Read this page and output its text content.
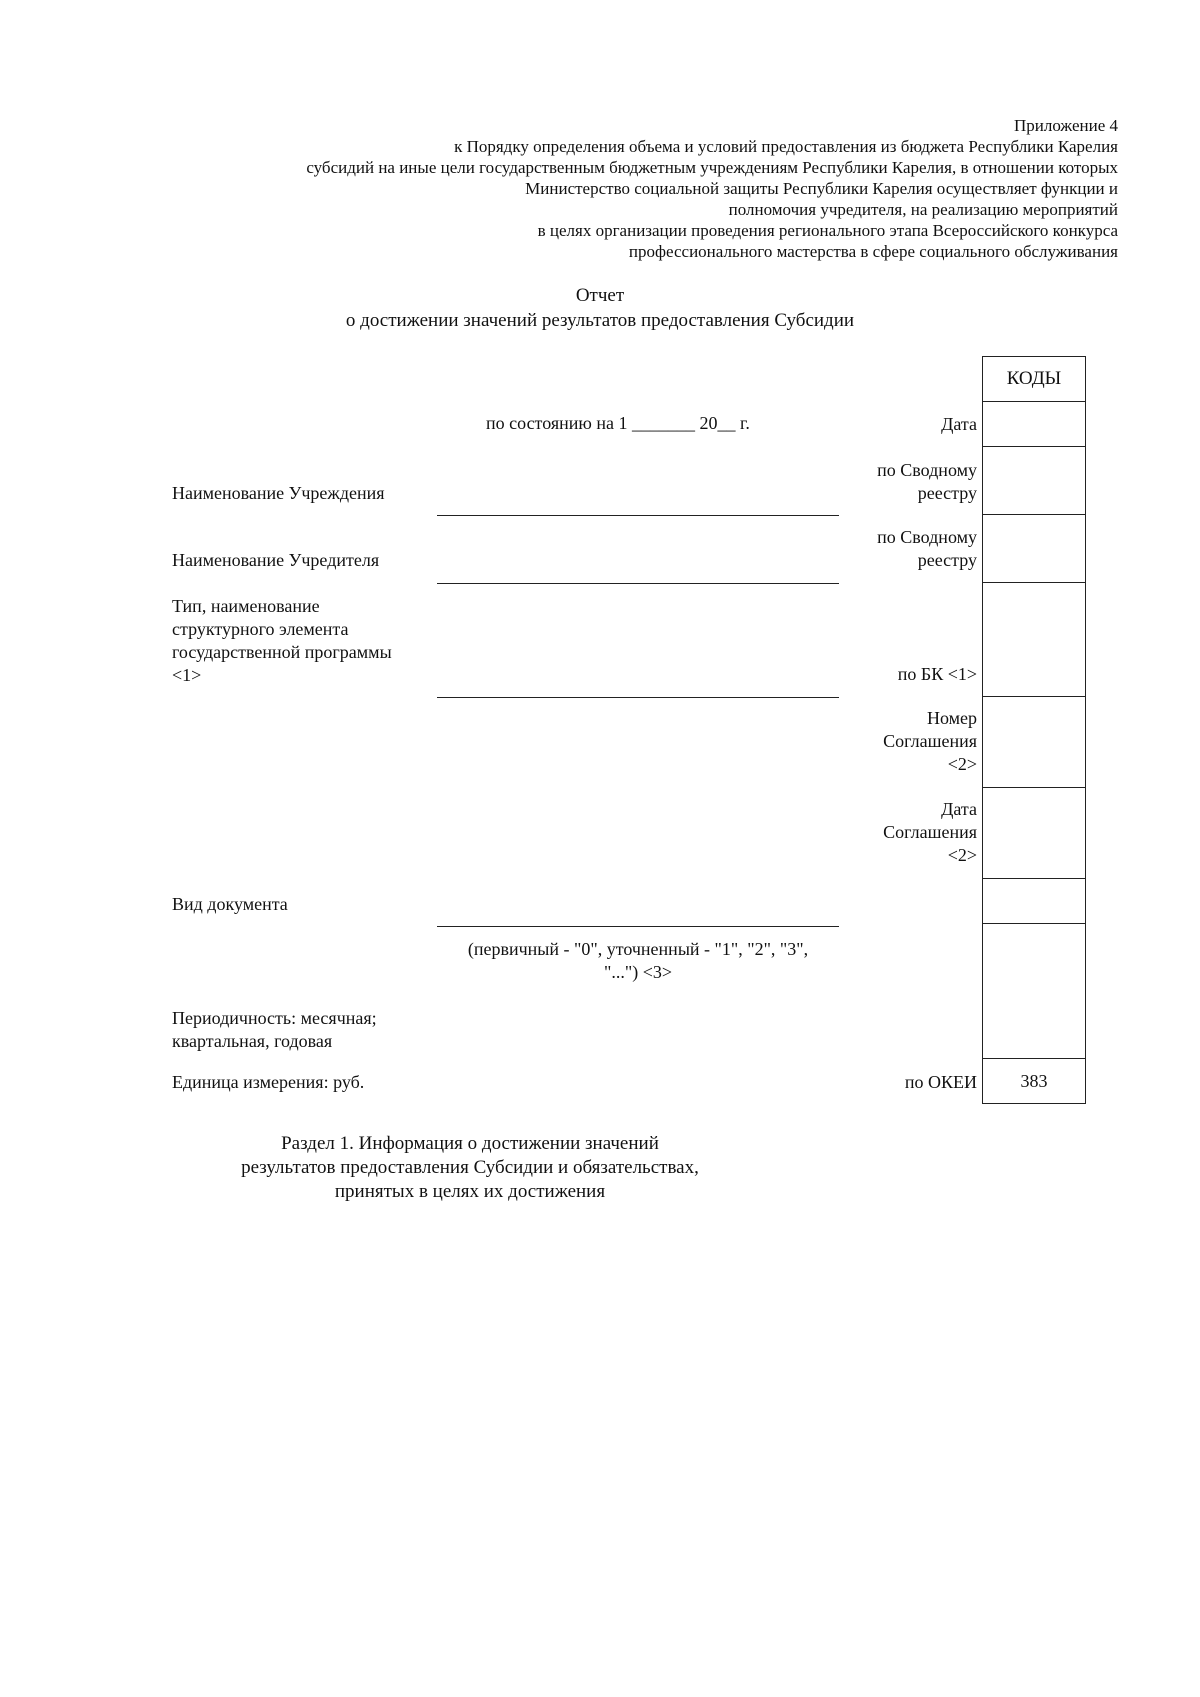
Приложение 4
к Порядку определения объема и условий предоставления из бюджета Республики Карелия
субсидий на иные цели государственным бюджетным учреждениям Республики Карелия, в отношении которых
Министерство социальной защиты Республики Карелия осуществляет функции и
полномочия учредителя, на реализацию мероприятий
в целях организации проведения регионального этапа Всероссийского конкурса
профессионального мастерства в сфере социального обслуживания
Отчет
о достижении значений результатов предоставления Субсидии
КОДЫ
383
по состоянию на 1 _______ 20__ г.	Дата
по Сводному
реестру
по Сводному
реестру
по БК <1>
Номер
Соглашения
<2>
Дата
Соглашения
<2>
по ОКЕИ
Наименование Учреждения
Наименование Учредителя
Тип, наименование
структурного элемента
государственной программы
<1>
Вид документа
(первичный - "0", уточненный - "1", "2", "3",
"...") <3>
Периодичность: месячная;
квартальная, годовая
Единица измерения: руб.
Раздел 1. Информация о достижении значений
результатов предоставления Субсидии и обязательствах,
принятых в целях их достижения
